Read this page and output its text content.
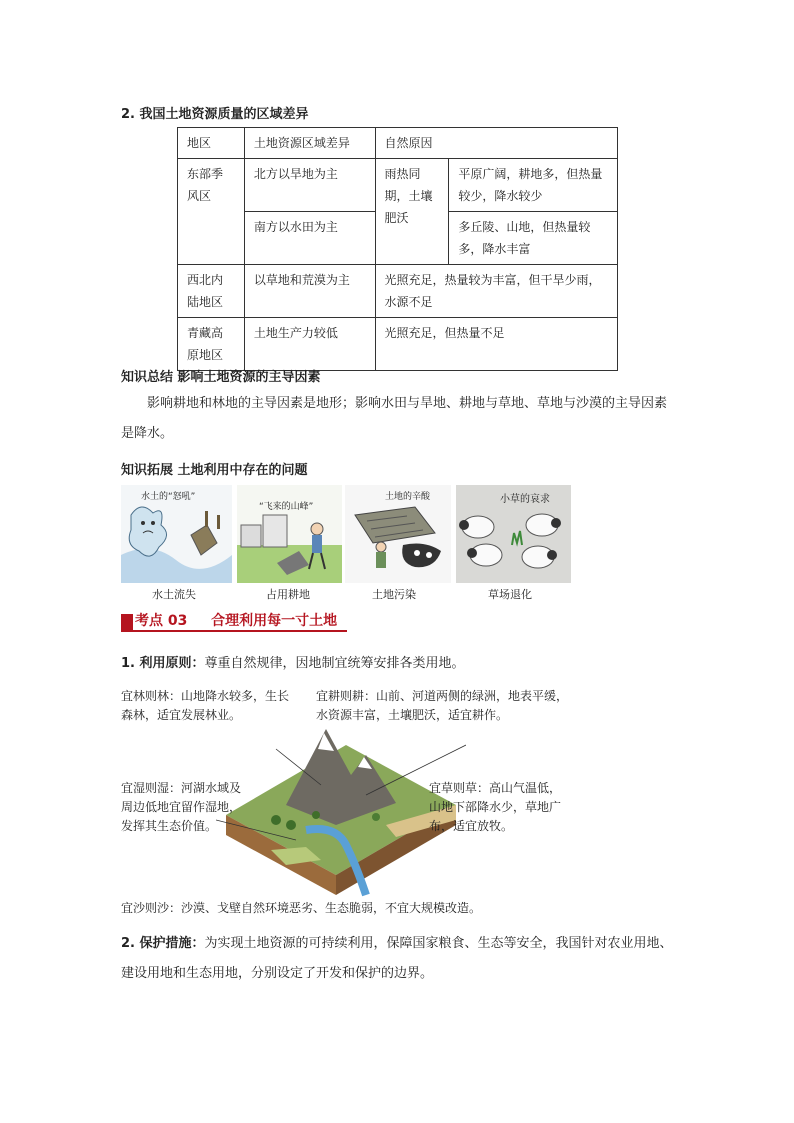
2. 我国土地资源质量的区域差异
地区	土地资源区域差异	自然原因	
东部季风区	北方以旱地为主	雨热同期，土壤肥沃	平原广阔，耕地多，但热量较少，降水较少
	南方以水田为主		多丘陵、山地，但热量较多，降水丰富
西北内陆地区	以草地和荒漠为主	光照充足，热量较为丰富，但干旱少雨，水源不足	
青藏高原地区	土地生产力较低	光照充足，但热量不足	
知识总结 影响土地资源的主导因素
影响耕地和林地的主导因素是地形；影响水田与旱地、耕地与草地、草地与沙漠的主导因素是降水。
知识拓展 土地利用中存在的问题
水土的“怒吼”
水土流失
“飞来的山峰”
占用耕地
土地的辛酸
土地污染
小草的哀求
草场退化
考点 03 合理利用每一寸土地
1. 利用原则：尊重自然规律，因地制宜统筹安排各类用地。
宜林则林：山地降水较多，生长森林，适宜发展林业。
宜耕则耕：山前、河道两侧的绿洲，地表平缓，水资源丰富，土壤肥沃，适宜耕作。
宜湿则湿：河湖水域及周边低地宜留作湿地，发挥其生态价值。
宜草则草：高山气温低，山地下部降水少，草地广布，适宜放牧。
宜沙则沙：沙漠、戈壁自然环境恶劣、生态脆弱，不宜大规模改造。
2. 保护措施：为实现土地资源的可持续利用，保障国家粮食、生态等安全，我国针对农业用地、建设用地和生态用地，分别设定了开发和保护的边界。
